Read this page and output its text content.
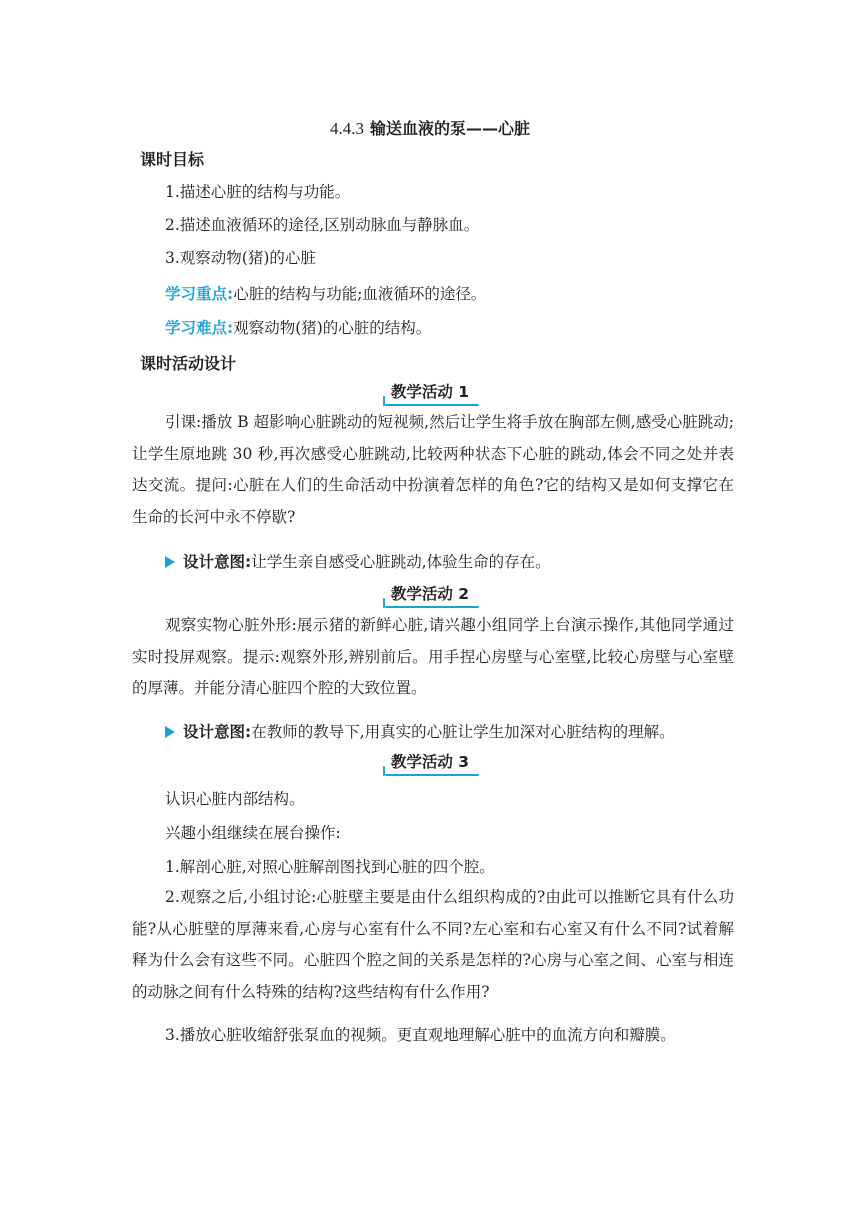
4.4.3 输送血液的泵——心脏
课时目标
1.描述心脏的结构与功能。
2.描述血液循环的途径,区别动脉血与静脉血。
3.观察动物(猪)的心脏
学习重点:心脏的结构与功能;血液循环的途径。
学习难点:观察动物(猪)的心脏的结构。
课时活动设计
教学活动 1
引课:播放 B 超影响心脏跳动的短视频,然后让学生将手放在胸部左侧,感受心脏跳动;让学生原地跳 30 秒,再次感受心脏跳动,比较两种状态下心脏的跳动,体会不同之处并表达交流。提问:心脏在人们的生命活动中扮演着怎样的角色?它的结构又是如何支撑它在生命的长河中永不停歇?
设计意图:让学生亲自感受心脏跳动,体验生命的存在。
教学活动 2
观察实物心脏外形:展示猪的新鲜心脏,请兴趣小组同学上台演示操作,其他同学通过实时投屏观察。提示:观察外形,辨别前后。用手捏心房壁与心室壁,比较心房壁与心室壁的厚薄。并能分清心脏四个腔的大致位置。
设计意图:在教师的教导下,用真实的心脏让学生加深对心脏结构的理解。
教学活动 3
认识心脏内部结构。
兴趣小组继续在展台操作:
1.解剖心脏,对照心脏解剖图找到心脏的四个腔。
2.观察之后,小组讨论:心脏壁主要是由什么组织构成的?由此可以推断它具有什么功能?从心脏壁的厚薄来看,心房与心室有什么不同?左心室和右心室又有什么不同?试着解释为什么会有这些不同。心脏四个腔之间的关系是怎样的?心房与心室之间、心室与相连的动脉之间有什么特殊的结构?这些结构有什么作用?
3.播放心脏收缩舒张泵血的视频。更直观地理解心脏中的血流方向和瓣膜。
